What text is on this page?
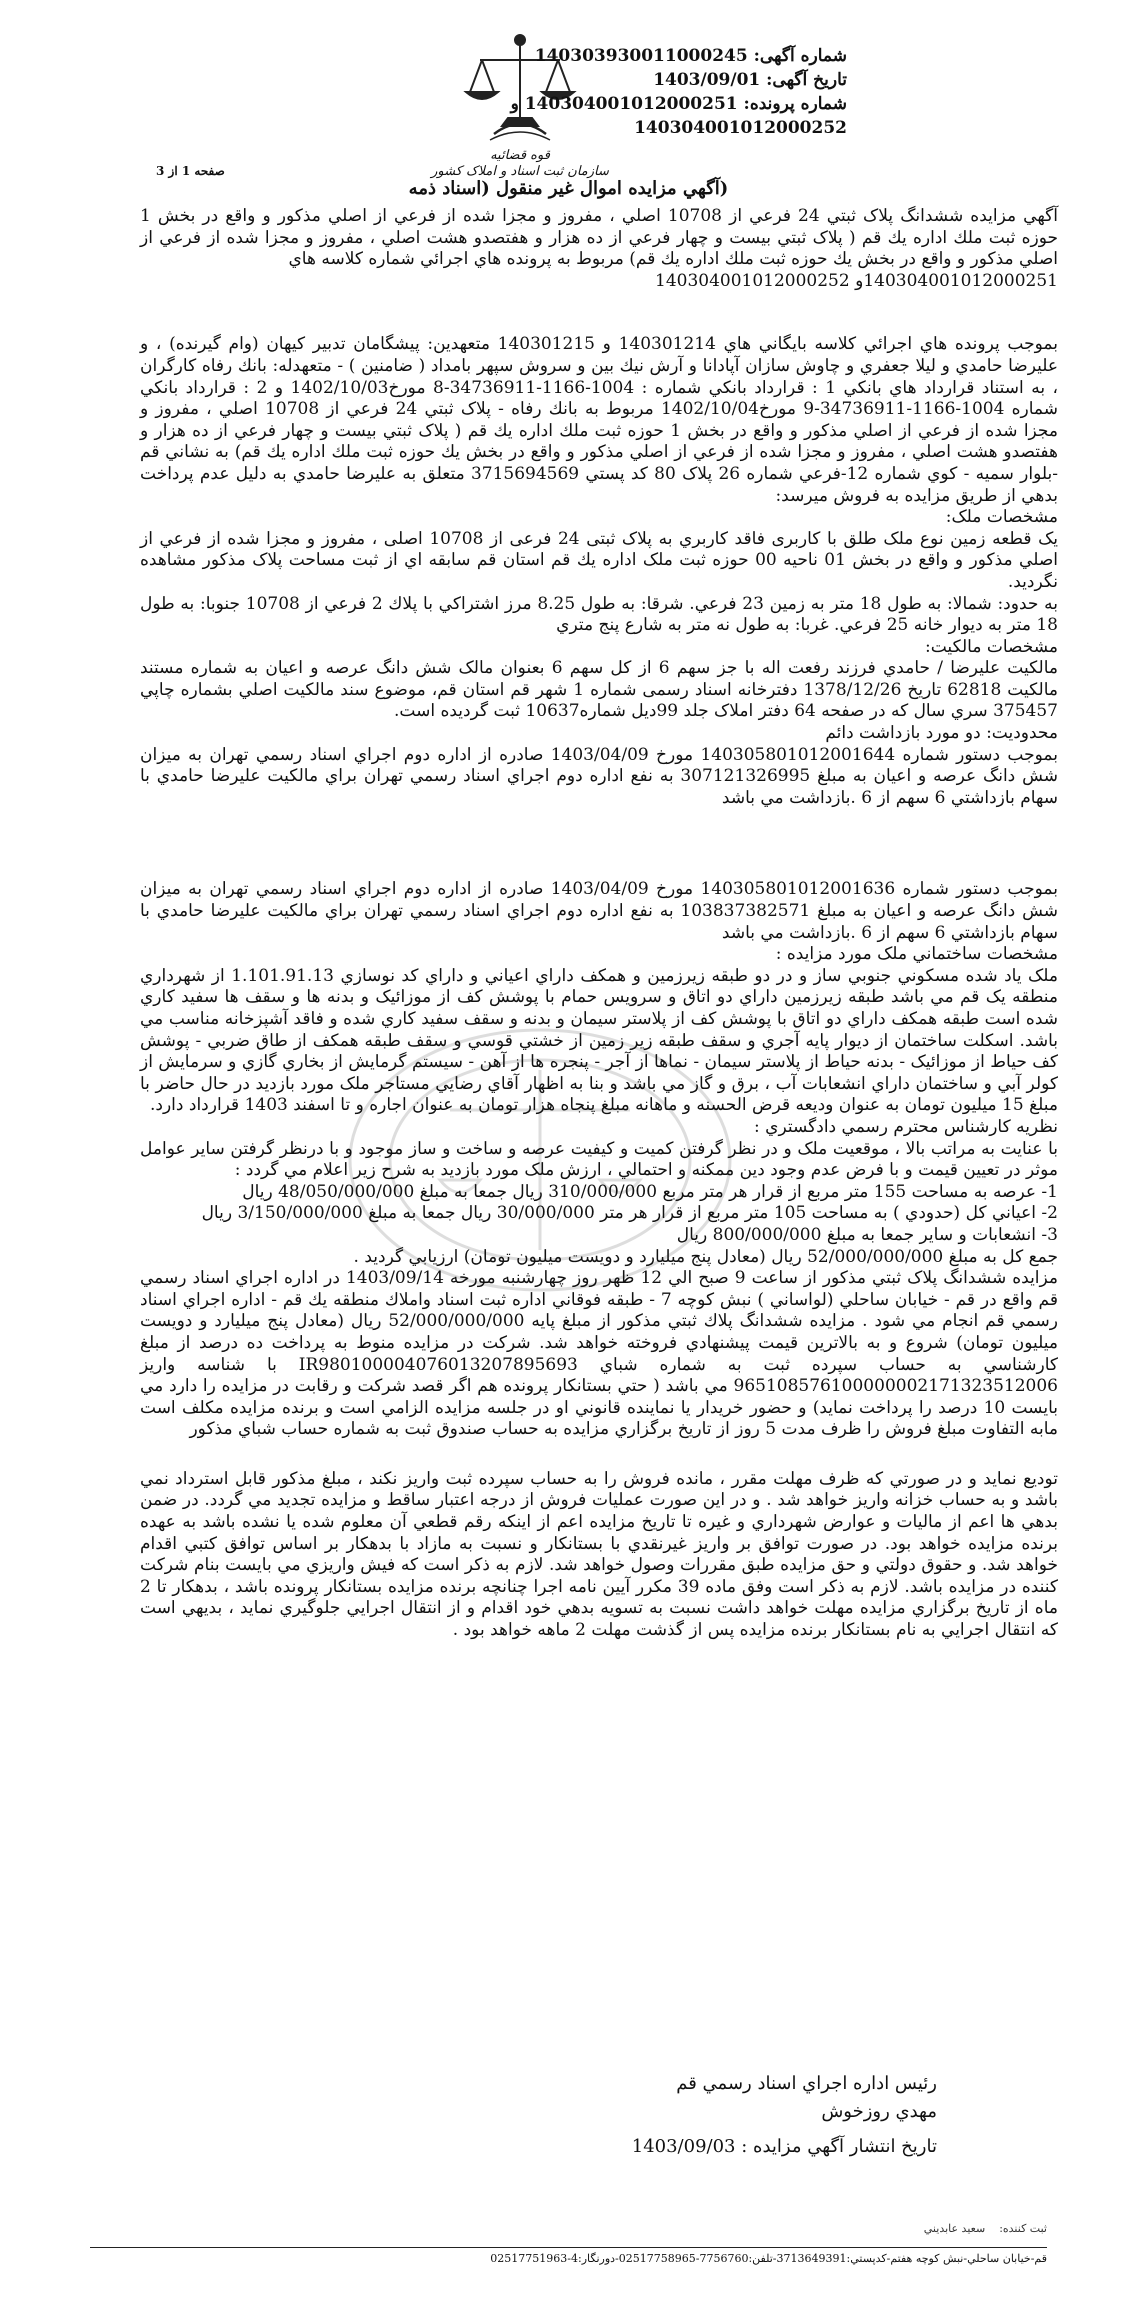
قوه قضائیه
سازمان ثبت اسناد و املاک کشور
شماره آگهی: 140303930011000245
تاریخ آگهی: 1403/09/01
شماره پرونده: 140304001012000251 و
140304001012000252
صفحه 1 از 3
(آگهي مزايده اموال غير منقول (اسناد ذمه

آگهي مزايده ششدانگ پلاک ثبتي 24 فرعي از 10708 اصلي ، مفروز و مجزا شده از فرعي از اصلي مذكور و واقع در بخش 1 حوزه ثبت ملك اداره يك قم ( پلاک ثبتي بيست و چهار فرعي از ده هزار و هفتصدو هشت اصلي ، مفروز و مجزا شده از فرعي از اصلي مذكور و واقع در بخش يك حوزه ثبت ملك اداره يك قم) مربوط به پرونده هاي اجرائي شماره كلاسه هاي

140304001012000251و 140304001012000252

بموجب پرونده هاي اجرائي كلاسه بايگاني هاي 140301214 و 140301215 متعهدين: پيشگامان تدبير كيهان (وام گيرنده) ، و عليرضا حامدي و ليلا جعفري و چاوش سازان آپادانا و آرش نيك بين و سروش سپهر بامداد ( ضامنين ) - متعهدله: بانك رفاه كارگران ، به استناد قرارداد هاي بانكي 1 : قرارداد بانكي شماره : 1004-1166-34736911-8 مورخ1402/10/03 و 2 : قرارداد بانكي شماره 1004-1166-34736911-9 مورخ1402/10/04 مربوط به بانك رفاه - پلاک ثبتي 24 فرعي از 10708 اصلي ، مفروز و مجزا شده از فرعي از اصلي مذكور و واقع در بخش 1 حوزه ثبت ملك اداره يك قم ( پلاک ثبتي بيست و چهار فرعي از ده هزار و هفتصدو هشت اصلي ، مفروز و مجزا شده از فرعي از اصلي مذكور و واقع در بخش يك حوزه ثبت ملك اداره يك قم) به نشاني قم -بلوار سميه - كوي شماره 12-فرعي شماره 26 پلاک 80 كد پستي 3715694569 متعلق به عليرضا حامدي به دليل عدم پرداخت بدهي از طريق مزايده به فروش ميرسد:

مشخصات ملک:

يک قطعه زمين نوع ملک طلق با کاربری فاقد کاربري به پلاک ثبتی 24 فرعی از 10708 اصلی ، مفروز و مجزا شده از فرعي از اصلي مذكور و واقع در بخش 01 ناحيه 00 حوزه ثبت ملک اداره يك قم استان قم سابقه اي از ثبت مساحت پلاک مذكور مشاهده نگرديد.

به حدود: شمالا: به طول 18 متر به زمين 23 فرعي. شرقا: به طول 8.25 مرز اشتراكي با پلاك 2 فرعي از 10708 جنوبا: به طول 18 متر به ديوار خانه 25 فرعي. غربا: به طول نه متر به شارع پنج متري

مشخصات مالکیت:

مالکيت عليرضا / حامدي فرزند رفعت اله با جز سهم 6 از کل سهم 6 بعنوان مالک شش دانگ عرصه و اعيان به شماره مستند مالکيت 62818 تاريخ 1378/12/26 دفترخانه اسناد رسمی شماره 1 شهر قم استان قم، موضوع سند مالکيت اصلي بشماره چاپي 375457 سري سال كه در صفحه 64 دفتر املاک جلد 99دیل شماره10637 ثبت گرديده است.

محدوديت: دو مورد بازداشت دائم

بموجب دستور شماره 140305801012001644 مورخ 1403/04/09 صادره از اداره دوم اجراي اسناد رسمي تهران به ميزان شش دانگ عرصه و اعيان به مبلغ 307121326995 به نفع اداره دوم اجراي اسناد رسمي تهران براي مالكيت عليرضا حامدي با سهام بازداشتي 6 سهم از 6 .بازداشت مي باشد

بموجب دستور شماره 140305801012001636 مورخ 1403/04/09 صادره از اداره دوم اجراي اسناد رسمي تهران به ميزان شش دانگ عرصه و اعيان به مبلغ 103837382571 به نفع اداره دوم اجراي اسناد رسمي تهران براي مالكيت عليرضا حامدي با سهام بازداشتي 6 سهم از 6 .بازداشت مي باشد

مشخصات ساختماني ملک مورد مزايده :

ملک ياد شده مسکوني جنوبي ساز و در دو طبقه زيرزمين و همکف داراي اعياني و داراي کد نوسازي 1.101.91.13 از شهرداري منطقه يک قم مي باشد طبقه زيرزمين داراي دو اتاق و سرويس حمام با پوشش کف از موزائيک و بدنه ها و سقف ها سفيد کاري شده است طبقه همکف داراي دو اتاق با پوشش کف از پلاستر سيمان و بدنه و سقف سفيد کاري شده و فاقد آشپزخانه مناسب مي باشد. اسکلت ساختمان از ديوار پايه آجري و سقف طبقه زير زمين از خشتي قوسي و سقف طبقه همکف از طاق ضربي - پوشش کف حياط از موزائيک - بدنه حياط از پلاستر سيمان - نماها از آجر - پنجره ها از آهن - سيستم گرمايش از بخاري گازي و سرمايش از کولر آبي و ساختمان داراي انشعابات آب ، برق و گاز مي باشد و بنا به اظهار آقاي رضايي مستاجر ملک مورد بازديد در حال حاضر با مبلغ 15 ميليون تومان به عنوان وديعه قرض الحسنه و ماهانه مبلغ پنجاه هزار تومان به عنوان اجاره و تا اسفند 1403 قرارداد دارد.

نظريه کارشناس محترم رسمي دادگستري :

با عنايت به مراتب بالا ، موقعيت ملک و در نظر گرفتن کميت و کيفيت عرصه و ساخت و ساز موجود و با درنظر گرفتن ساير عوامل موثر در تعيين قيمت و با فرض عدم وجود دين ممکنه و احتمالي ، ارزش ملک مورد بازديد به شرح زير اعلام مي گردد :

1- عرصه به مساحت 155 متر مربع از قرار هر متر مربع 310/000/000 ريال جمعا به مبلغ 48/050/000/000 ريال

2- اعياني کل (حدودي ) به مساحت 105 متر مربع از قرار هر متر 30/000/000 ريال جمعا به مبلغ 3/150/000/000 ريال

3- انشعابات و ساير جمعا به مبلغ 800/000/000 ريال

جمع کل به مبلغ 52/000/000/000 ريال (معادل پنج ميليارد و دويست ميليون تومان) ارزيابي گرديد .

مزايده ششدانگ پلاک ثبتي مذكور از ساعت 9 صبح الي 12 ظهر روز چهارشنبه مورخه 1403/09/14 در اداره اجراي اسناد رسمي قم واقع در قم - خيابان ساحلي (لواساني ) نبش كوچه 7 - طبقه فوقاني اداره ثبت اسناد واملاك منطقه يك قم - اداره اجراي اسناد رسمي قم انجام مي شود . مزايده ششدانگ پلاك ثبتي مذكور از مبلغ پايه 52/000/000/000 ريال (معادل پنج ميليارد و دويست ميليون تومان) شروع و به بالاترين قيمت پيشنهادي فروخته خواهد شد. شركت در مزايده منوط به پرداخت ده درصد از مبلغ كارشناسي به حساب سپرده ثبت به شماره شباي IR980100004076013207895693 با شناسه واريز 965108576100000002171323512006 مي باشد ( حتي بستانكار پرونده هم اگر قصد شركت و رقابت در مزايده را دارد مي بايست 10 درصد را پرداخت نمايد) و حضور خريدار يا نماينده قانوني او در جلسه مزايده الزامي است و برنده مزايده مكلف است مابه التفاوت مبلغ فروش را ظرف مدت 5 روز از تاريخ برگزاري مزايده به حساب صندوق ثبت به شماره حساب شباي مذكور

توديع نمايد و در صورتي كه ظرف مهلت مقرر ، مانده فروش را به حساب سپرده ثبت واريز نكند ، مبلغ مذكور قابل استرداد نمي باشد و به حساب خزانه واريز خواهد شد . و در اين صورت عمليات فروش از درجه اعتبار ساقط و مزايده تجديد مي گردد. در ضمن بدهي ها اعم از ماليات و عوارض شهرداري و غيره تا تاريخ مزايده اعم از اينكه رقم قطعي آن معلوم شده يا نشده باشد به عهده برنده مزايده خواهد بود. در صورت توافق بر واريز غيرنقدي با بستانكار و نسبت به مازاد با بدهكار بر اساس توافق كتبي اقدام خواهد شد. و حقوق دولتي و حق مزايده طبق مقررات وصول خواهد شد. لازم به ذكر است كه فيش واريزي مي بايست بنام شركت كننده در مزايده باشد. لازم به ذكر است وفق ماده 39 مكرر آيين نامه اجرا چنانچه برنده مزايده بستانكار پرونده باشد ، بدهكار تا 2 ماه از تاريخ برگزاري مزايده مهلت خواهد داشت نسبت به تسويه بدهي خود اقدام و از انتقال اجرايي جلوگيري نمايد ، بديهي است كه انتقال اجرايي به نام بستانكار برنده مزايده پس از گذشت مهلت 2 ماهه خواهد بود .

رئيس اداره اجراي اسناد رسمي قم
مهدي روزخوش
تاريخ انتشار آگهي مزايده : 1403/09/03
ثبت كننده:    سعيد عابديني
قم-خيابان ساحلي-نبش كوچه هفتم-كدپستي:3713649391-تلفن:7756760-02517758965-دورنگار:4-02517751963
